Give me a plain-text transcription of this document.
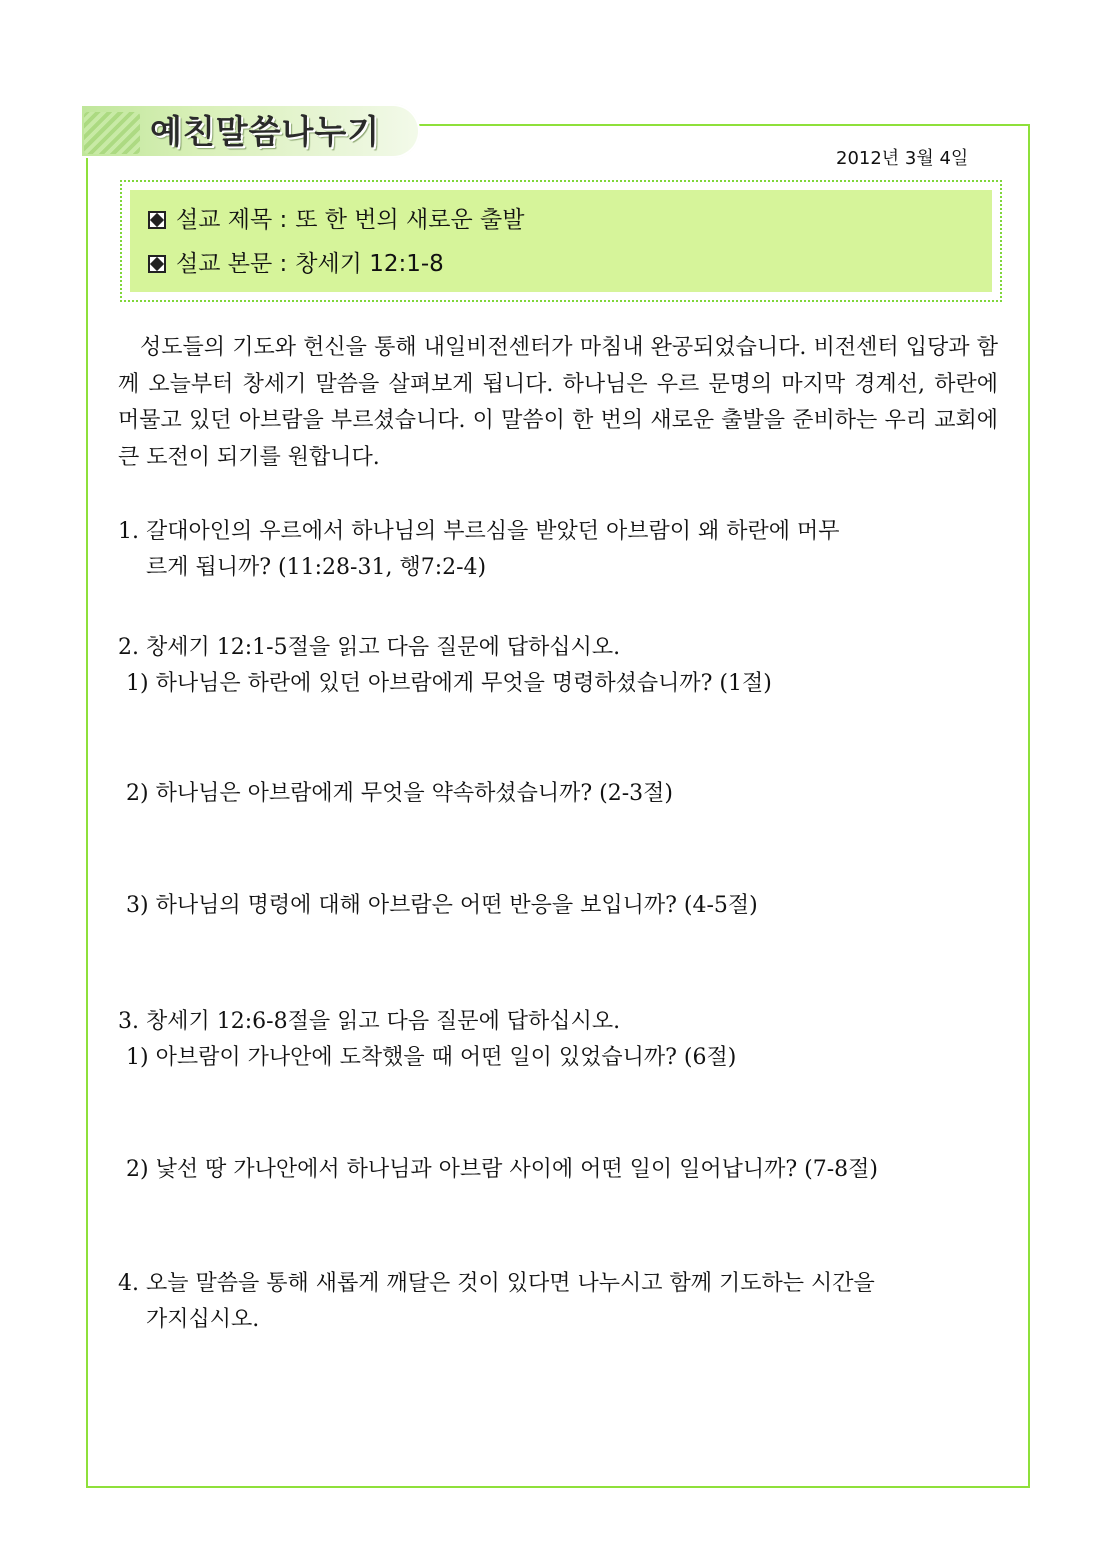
예친말씀나누기
2012년 3월 4일
설교 제목 : 또 한 번의 새로운 출발
설교 본문 : 창세기 12:1-8

성도들의 기도와 헌신을 통해 내일비전센터가 마침내 완공되었습니다. 비전센터 입당과 함께 오늘부터 창세기 말씀을 살펴보게 됩니다. 하나님은 우르 문명의 마지막 경계선, 하란에 머물고 있던 아브람을 부르셨습니다. 이 말씀이 한 번의 새로운 출발을 준비하는 우리 교회에 큰 도전이 되기를 원합니다.

1. 갈대아인의 우르에서 하나님의 부르심을 받았던 아브람이 왜 하란에 머무
르게 됩니까? (11:28-31, 행7:2-4)

2. 창세기 12:1-5절을 읽고 다음 질문에 답하십시오.

1) 하나님은 하란에 있던 아브람에게 무엇을 명령하셨습니까? (1절)

2) 하나님은 아브람에게 무엇을 약속하셨습니까? (2-3절)

3) 하나님의 명령에 대해 아브람은 어떤 반응을 보입니까? (4-5절)

3. 창세기 12:6-8절을 읽고 다음 질문에 답하십시오.

1) 아브람이 가나안에 도착했을 때 어떤 일이 있었습니까? (6절)

2) 낯선 땅 가나안에서 하나님과 아브람 사이에 어떤 일이 일어납니까? (7-8절)

4. 오늘 말씀을 통해 새롭게 깨달은 것이 있다면 나누시고 함께 기도하는 시간을
가지십시오.
